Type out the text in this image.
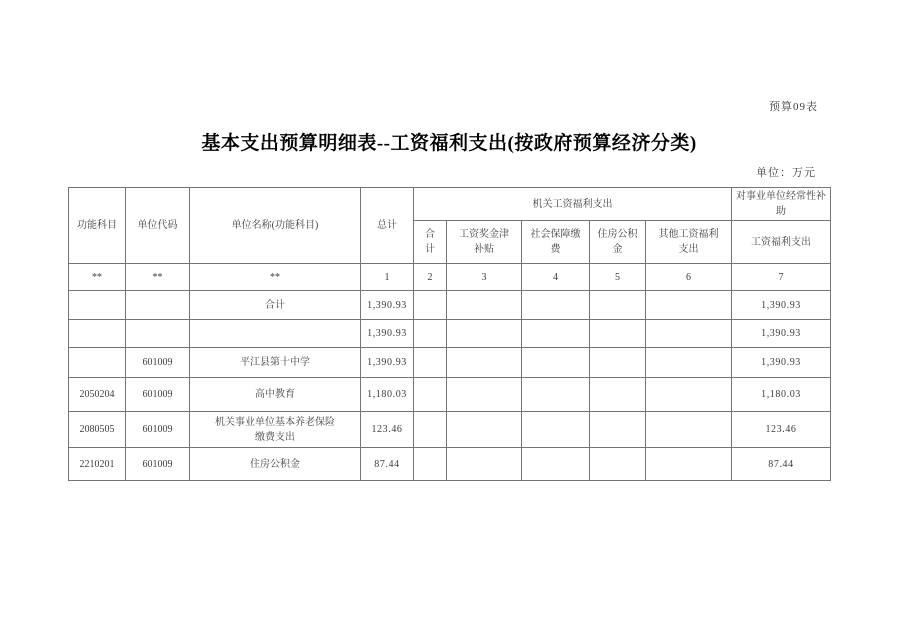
预算09表
基本支出预算明细表--工资福利支出(按政府预算经济分类)
单位：万元
功能科目	单位代码	单位名称(功能科目)	总计	机关工资福利支出					对事业单位经常性补助
				合计	工资奖金津补贴	社会保障缴费	住房公积金	其他工资福利支出	工资福利支出
**	**	**	1	2	3	4	5	6	7
		合计	1,390.93						1,390.93
			1,390.93						1,390.93
	601009	平江县第十中学	1,390.93						1,390.93
2050204	601009	高中教育	1,180.03						1,180.03
2080505	601009	机关事业单位基本养老保险缴费支出	123.46						123.46
2210201	601009	住房公积金	87.44						87.44
